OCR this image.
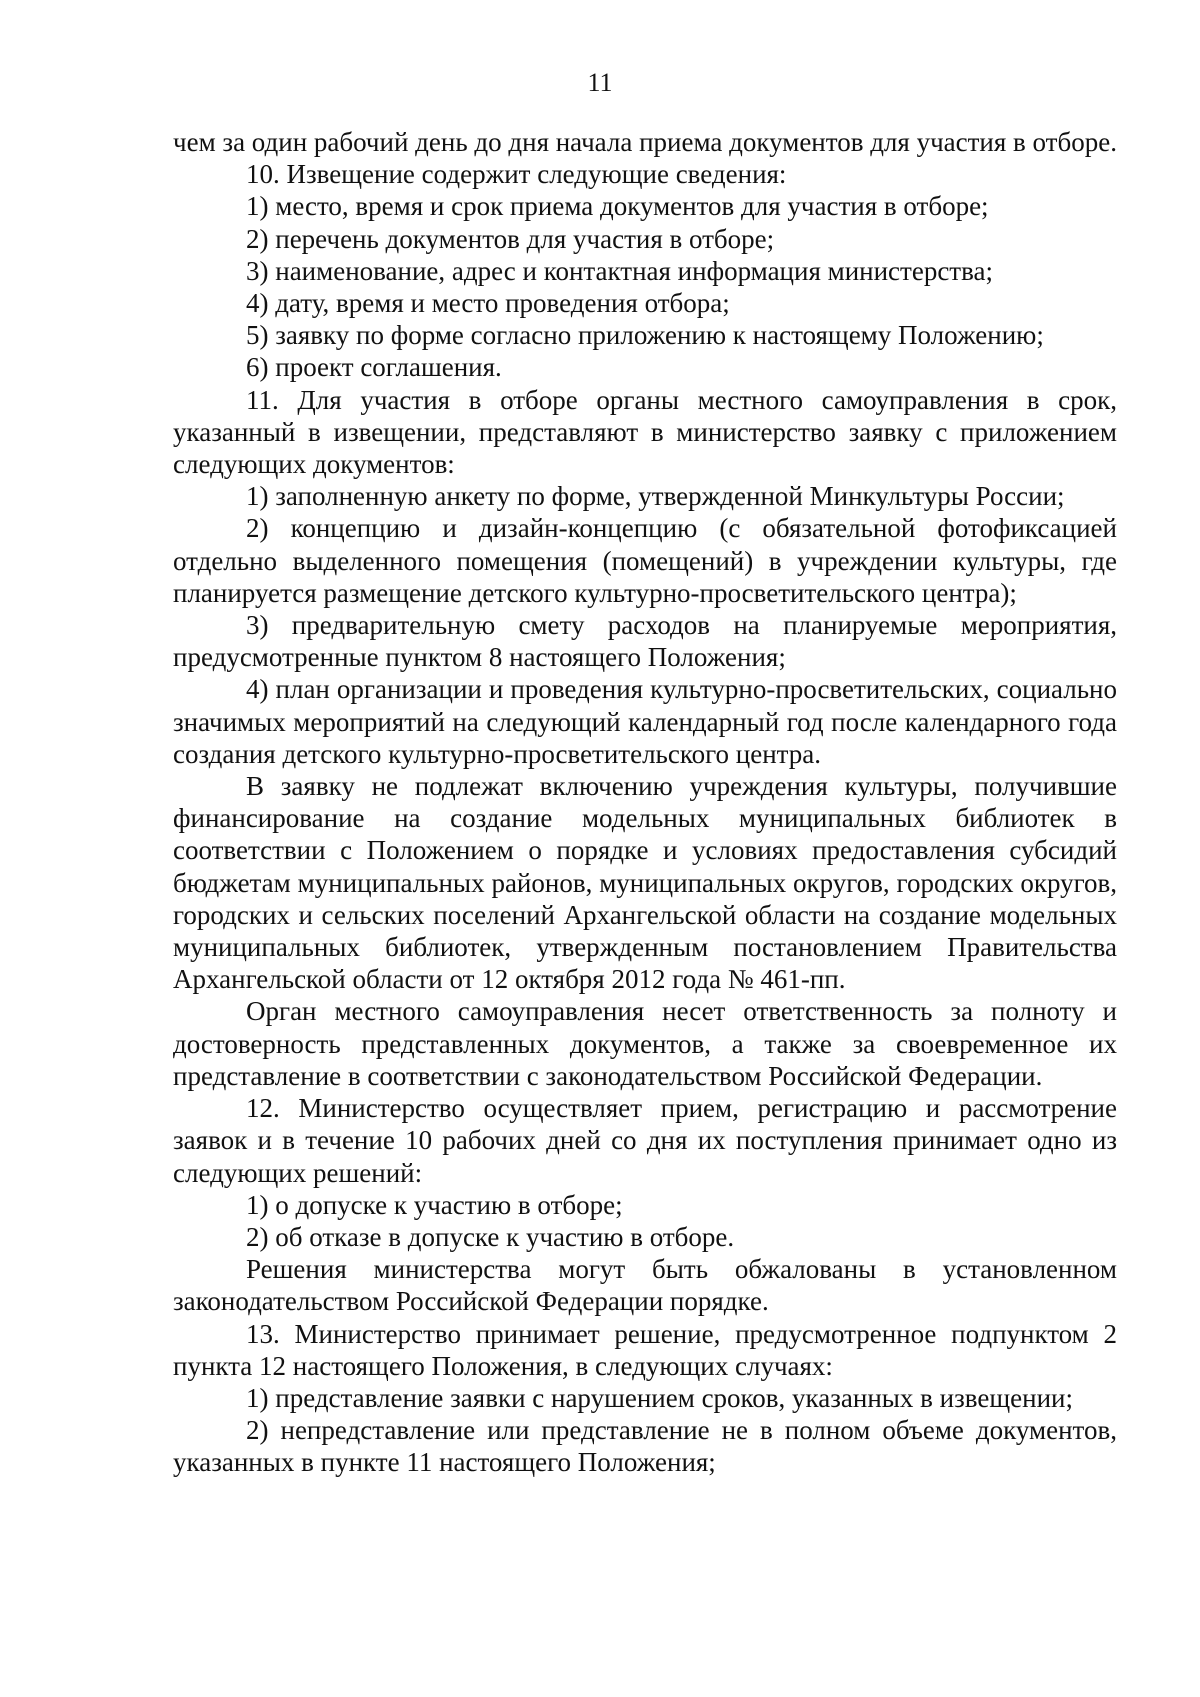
11

чем за один рабочий день до дня начала приема документов для участия в отборе.

10. Извещение содержит следующие сведения:

1) место, время и срок приема документов для участия в отборе;

2) перечень документов для участия в отборе;

3) наименование, адрес и контактная информация министерства;

4) дату, время и место проведения отбора;

5) заявку по форме согласно приложению к настоящему Положению;

6) проект соглашения.

11. Для участия в отборе органы местного самоуправления в срок, указанный в извещении, представляют в министерство заявку с приложением следующих документов:

1) заполненную анкету по форме, утвержденной Минкультуры России;

2) концепцию и дизайн-концепцию (с обязательной фотофиксацией отдельно выделенного помещения (помещений) в учреждении культуры, где планируется размещение детского культурно-просветительского центра);

3) предварительную смету расходов на планируемые мероприятия, предусмотренные пунктом 8 настоящего Положения;

4) план организации и проведения культурно-просветительских, социально значимых мероприятий на следующий календарный год после календарного года создания детского культурно-просветительского центра.

В заявку не подлежат включению учреждения культуры, получившие финансирование на создание модельных муниципальных библиотек в соответствии с Положением о порядке и условиях предоставления субсидий бюджетам муниципальных районов, муниципальных округов, городских округов, городских и сельских поселений Архангельской области на создание модельных муниципальных библиотек, утвержденным постановлением Правительства Архангельской области от 12 октября 2012 года № 461-пп.

Орган местного самоуправления несет ответственность за полноту и достоверность представленных документов, а также за своевременное их представление в соответствии с законодательством Российской Федерации.

12. Министерство осуществляет прием, регистрацию и рассмотрение заявок и в течение 10 рабочих дней со дня их поступления принимает одно из следующих решений:

1) о допуске к участию в отборе;

2) об отказе в допуске к участию в отборе.

Решения министерства могут быть обжалованы в установленном законодательством Российской Федерации порядке.

13. Министерство принимает решение, предусмотренное подпунктом 2 пункта 12 настоящего Положения, в следующих случаях:

1) представление заявки с нарушением сроков, указанных в извещении;

2) непредставление или представление не в полном объеме документов, указанных в пункте 11 настоящего Положения;
